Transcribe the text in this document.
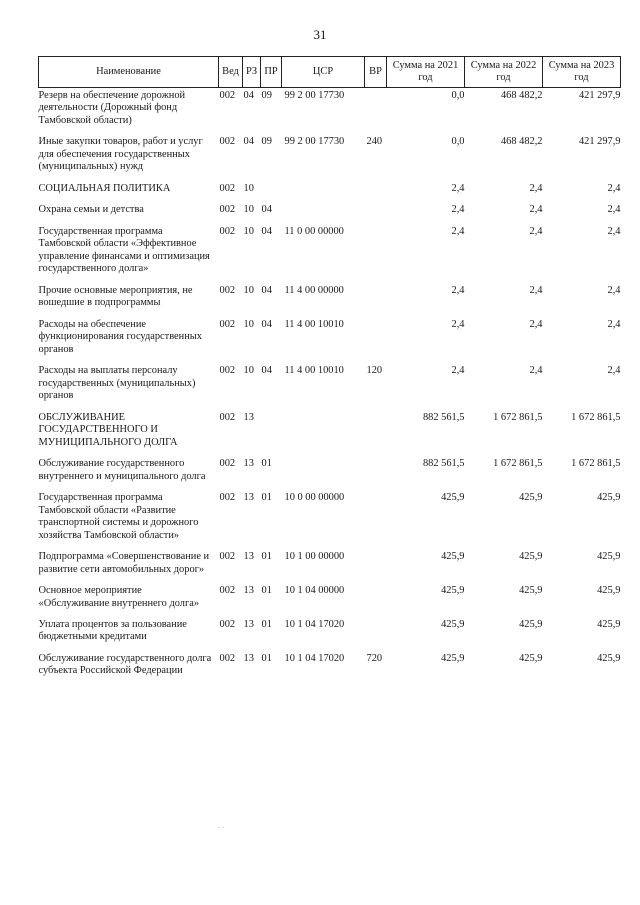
31
Наименование	Вед	РЗ	ПР	ЦСР	ВР	Сумма на 2021 год	Сумма на 2022 год	Сумма на 2023 год
Резерв на обеспечение дорожной деятельности (Дорожный фонд Тамбовской области)	002	04	09	99 2 00 17730		0,0	468 482,2	421 297,9
Иные закупки товаров, работ и услуг для обеспечения государственных (муниципальных) нужд	002	04	09	99 2 00 17730	240	0,0	468 482,2	421 297,9
СОЦИАЛЬНАЯ ПОЛИТИКА	002	10				2,4	2,4	2,4
Охрана семьи и детства	002	10	04			2,4	2,4	2,4
Государственная программа Тамбовской области «Эффективное управление финансами и оптимизация государственного долга»	002	10	04	11 0 00 00000		2,4	2,4	2,4
Прочие основные мероприятия, не вошедшие в подпрограммы	002	10	04	11 4 00 00000		2,4	2,4	2,4
Расходы на обеспечение функционирования государственных органов	002	10	04	11 4 00 10010		2,4	2,4	2,4
Расходы на выплаты персоналу государственных (муниципальных) органов	002	10	04	11 4 00 10010	120	2,4	2,4	2,4
ОБСЛУЖИВАНИЕ ГОСУДАРСТВЕННОГО И МУНИЦИПАЛЬНОГО ДОЛГА	002	13				882 561,5	1 672 861,5	1 672 861,5
Обслуживание государственного внутреннего и муниципального долга	002	13	01			882 561,5	1 672 861,5	1 672 861,5
Государственная программа Тамбовской области «Развитие транспортной системы и дорожного хозяйства Тамбовской области»	002	13	01	10 0 00 00000		425,9	425,9	425,9
Подпрограмма «Совершенствование и развитие сети автомобильных дорог»	002	13	01	10 1 00 00000		425,9	425,9	425,9
Основное мероприятие «Обслуживание внутреннего долга»	002	13	01	10 1 04 00000		425,9	425,9	425,9
Уплата процентов за пользование бюджетными кредитами	002	13	01	10 1 04 17020		425,9	425,9	425,9
Обслуживание государственного долга субъекта Российской Федерации	002	13	01	10 1 04 17020	720	425,9	425,9	425,9
· ·
